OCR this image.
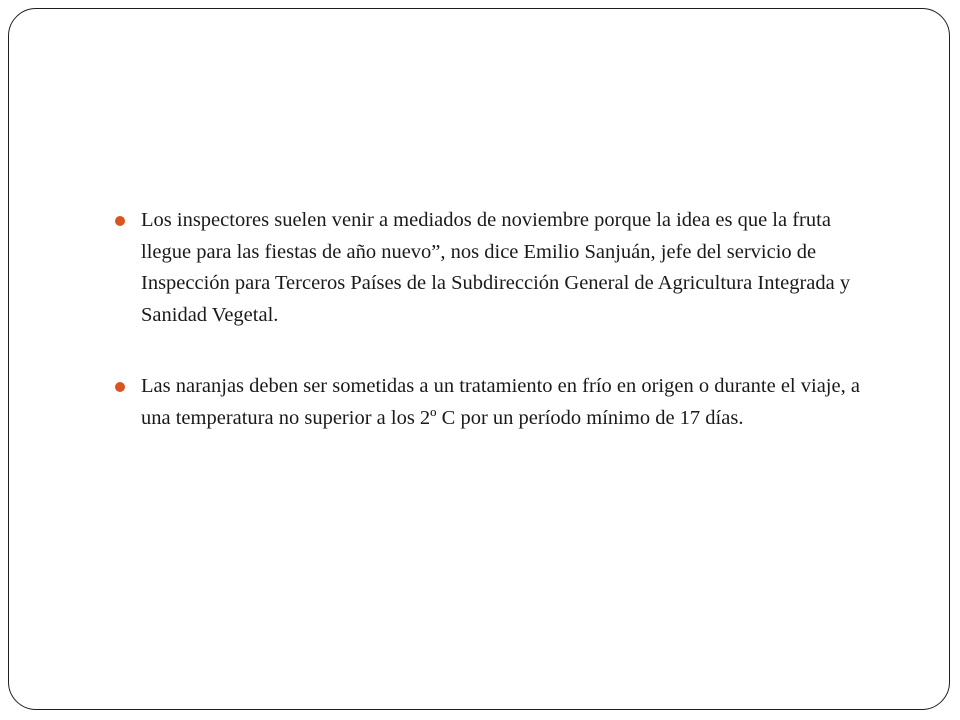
Los inspectores suelen venir a mediados de noviembre porque la idea es que la fruta llegue para las fiestas de año nuevo”, nos dice Emilio Sanjuán, jefe del servicio de Inspección para Terceros Países de la Subdirección General de Agricultura Integrada y Sanidad Vegetal.
Las naranjas deben ser sometidas a un tratamiento en frío en origen o durante el viaje, a una temperatura no superior a los 2º C por un período mínimo de 17 días.
